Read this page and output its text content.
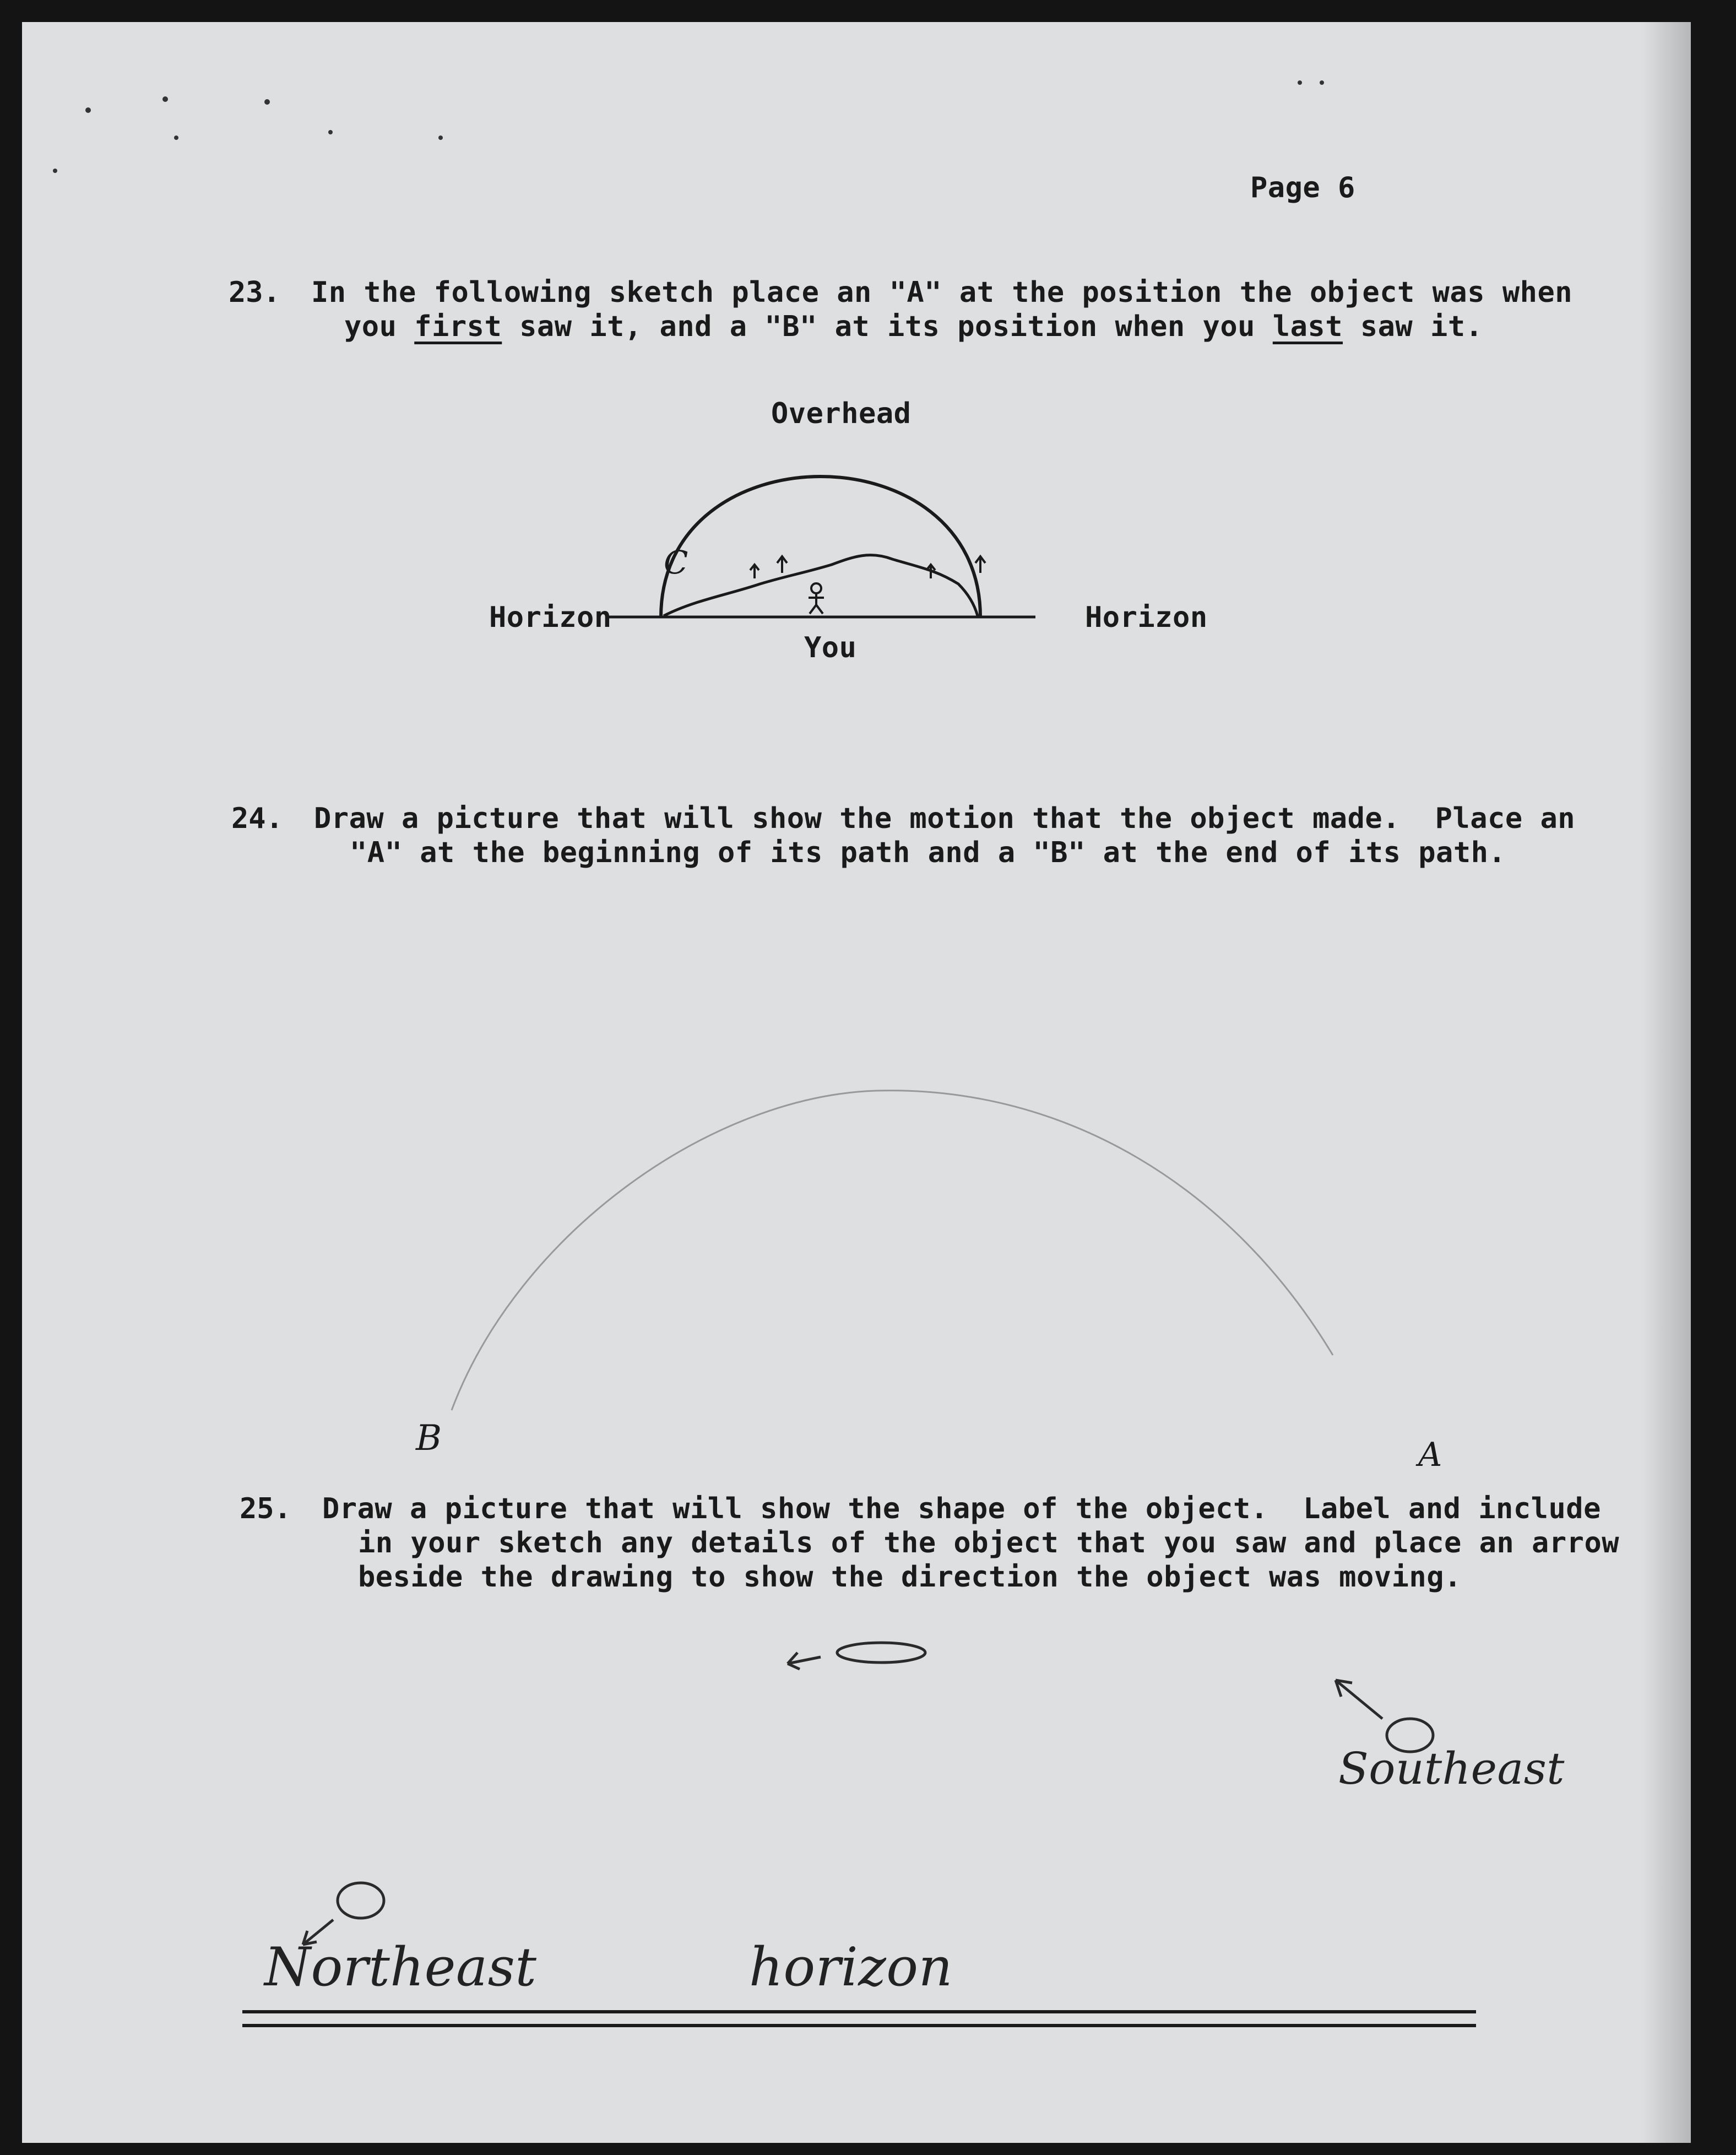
Page 6
23. In the following sketch place an "A" at the position the object was when
you first saw it, and a "B" at its position when you last saw it.
Overhead
Horizon	Horizon
You
C
24. Draw a picture that will show the motion that the object made.  Place an
"A" at the beginning of its path and a "B" at the end of its path.
B	A
25. Draw a picture that will show the shape of the object.  Label and include
in your sketch any details of the object that you saw and place an arrow
beside the drawing to show the direction the object was moving.
Southeast
Northeast	horizon
